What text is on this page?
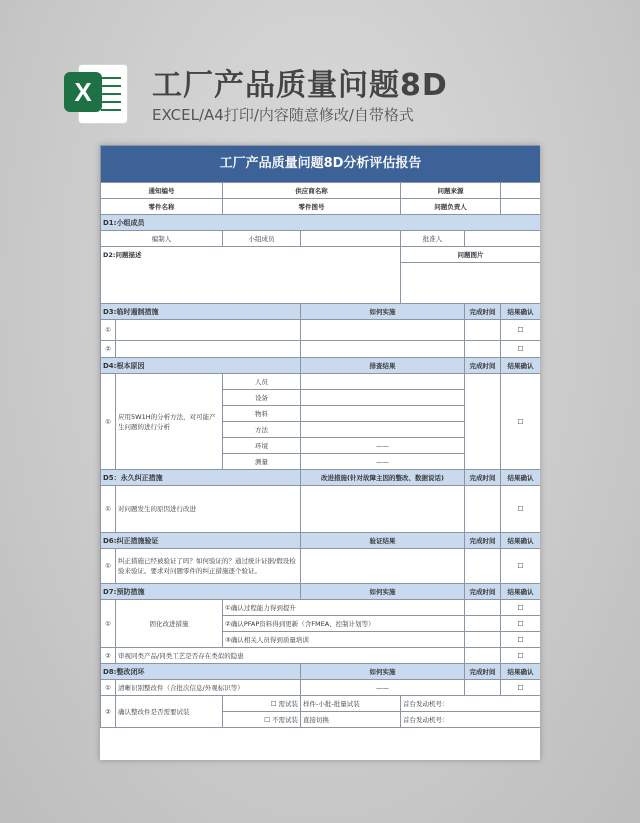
X	工厂产品质量问题8D
EXCEL/A4打印/内容随意修改/自带格式
工厂产品质量问题8D分析评估报告						
通知编号		供应商名称		问题来源		
零件名称		零件图号		问题负责人		
D1:小组成员						
编制人		小组成员		批准人		
D2:问题描述				问题图片		

D3:临时遏制措施			如何实施		完成时间	结果确认
①						☐
②						☐
D4:根本原因			排查结果		完成时间	结果确认
①	应用5W1H的分析方法，对可能产生问题的进行分析	人员				☐
		设备				
		物料				
		方法				
		环境	——			
		测量	——			
D5：永久纠正措施			改进措施(针对故障主因的整改、数据说话)		完成时间	结果确认
①	对问题发生的原因进行改进					☐
D6:纠正措施验证			验证结果		完成时间	结果确认
①	纠正措施已经被验证了吗？如何验证的？通过统计证据/假设检验来验证。要求对问题零件的纠正措施逐个验证。					☐
D7:预防措施			如何实施		完成时间	结果确认
①	固化改进措施	①确认过程能力得到提升				☐
		②确认PFAP资料得到更新（含FMEA、控制计划等）				☐
		③确认相关人员得到质量培训				☐
②	审视同类产品/同类工艺是否存在类似的隐患					☐
D8:整改闭环			如何实施		完成时间	结果确认
①	清晰识别整改件（合批次信息/外观标识等）		——			☐
②	确认整改件是否需要试装	☐ 需试装	样件-小批-批量试装	首台发动机号：		
		☐ 不需试装	直接切换	首台发动机号：		
